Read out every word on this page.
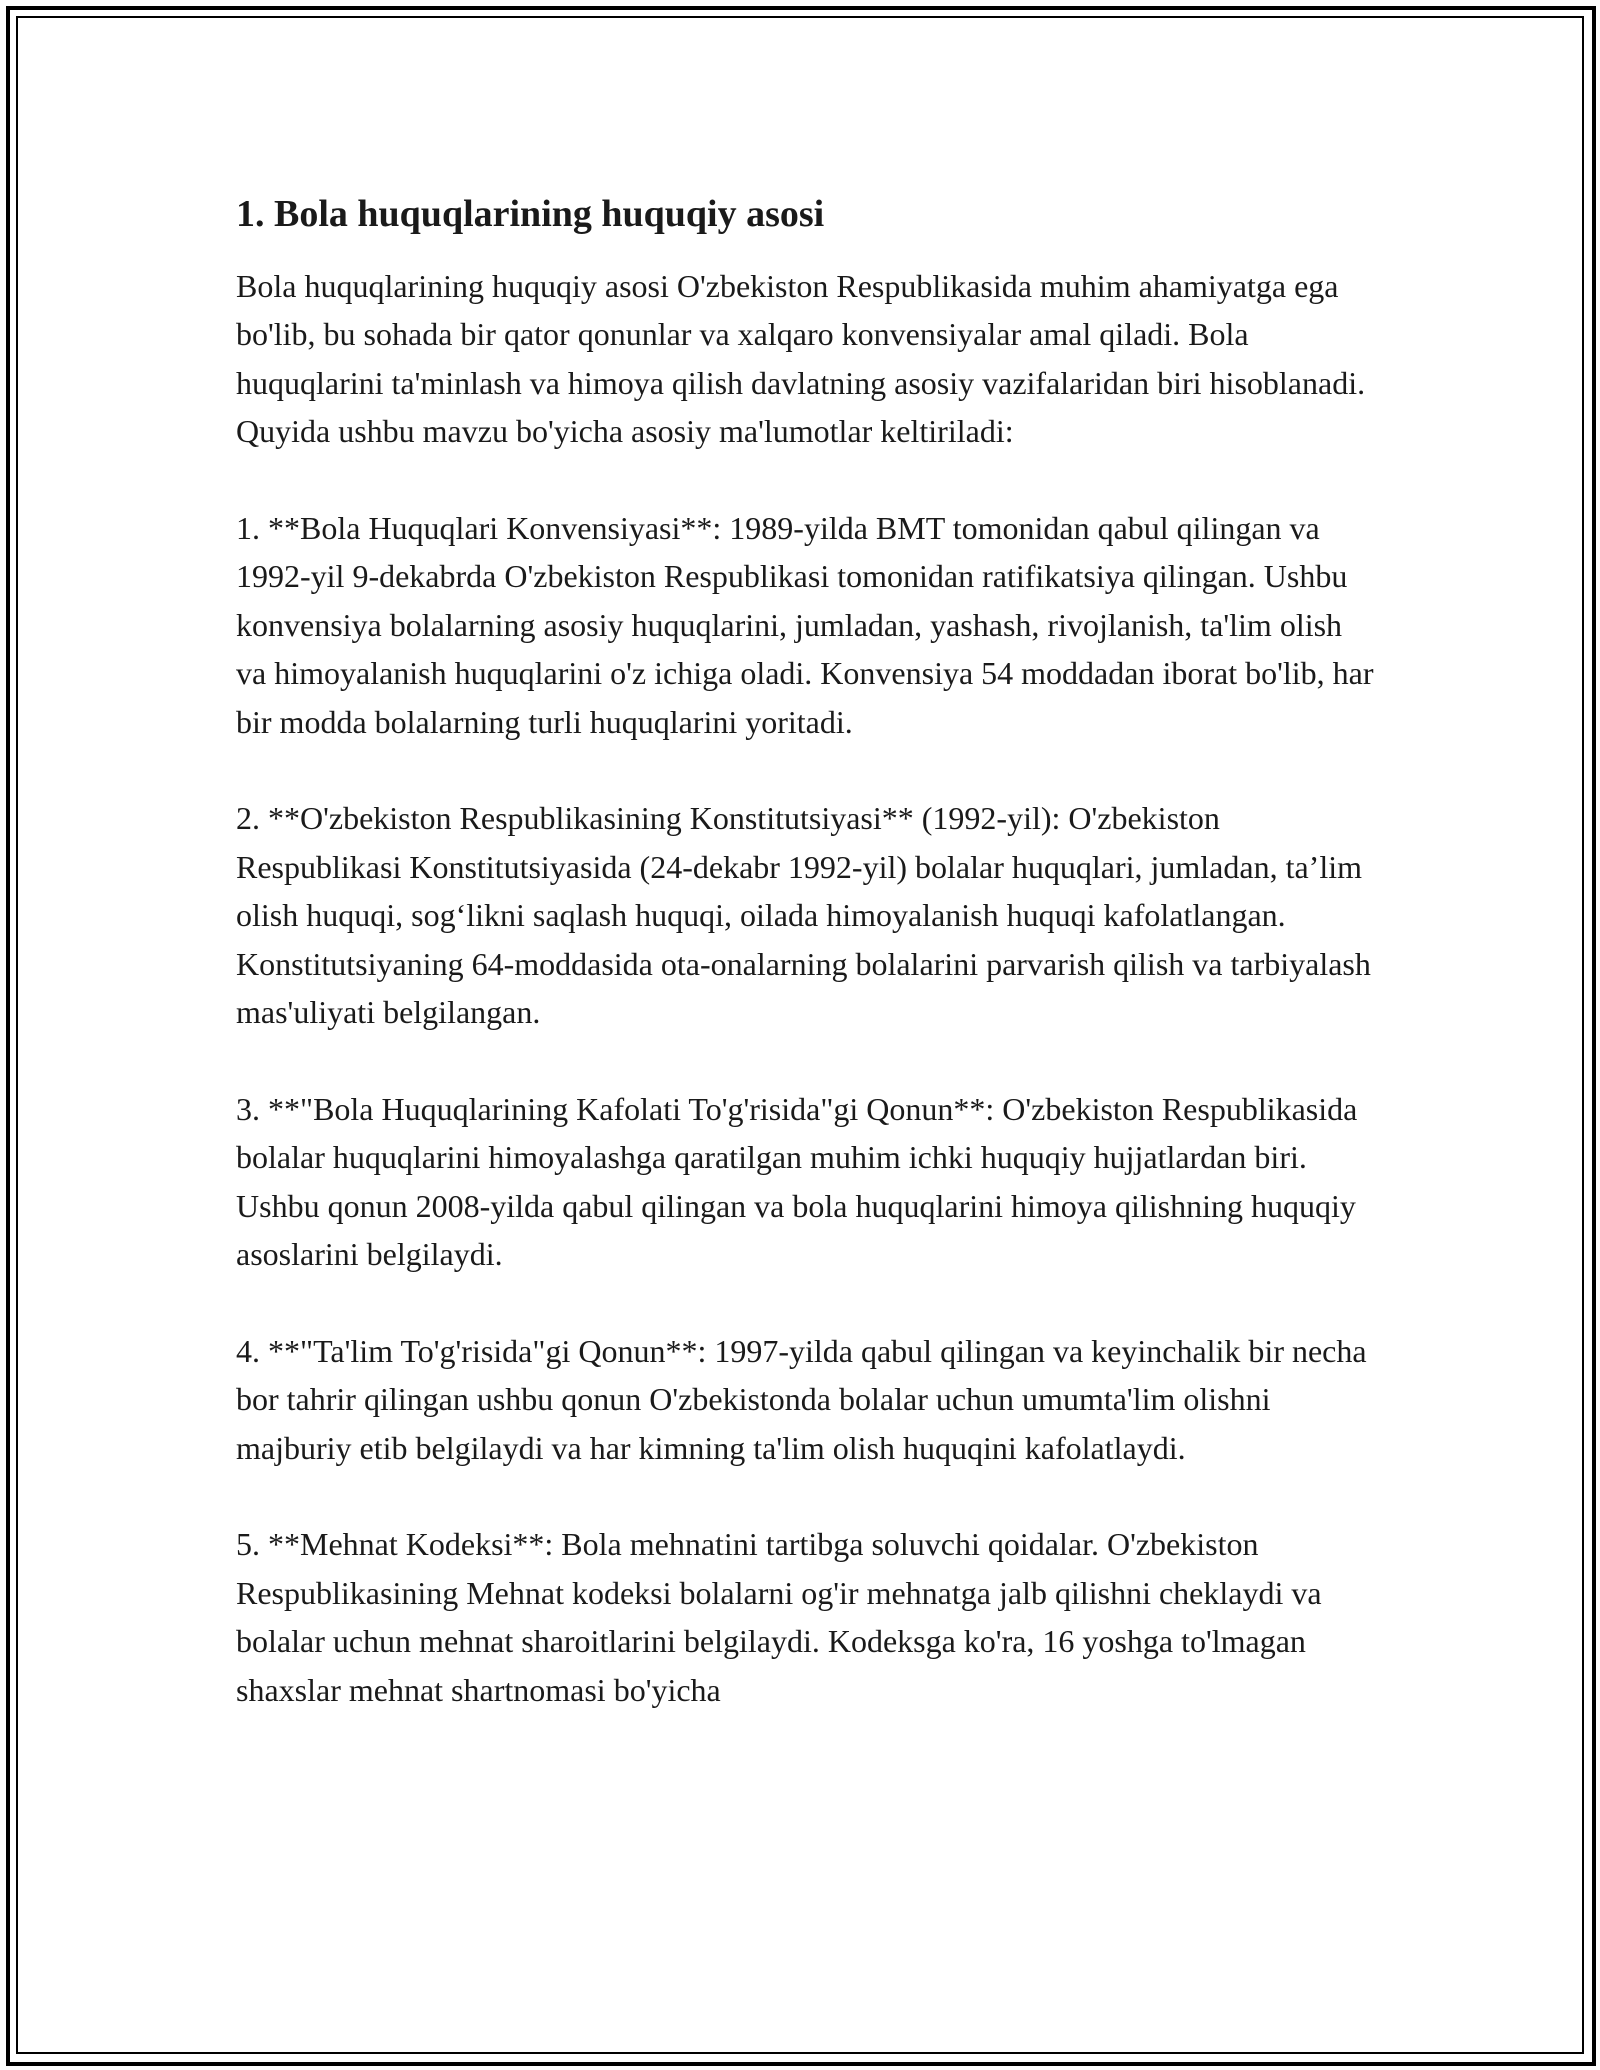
1. Bola huquqlarining huquqiy asosi

Bola huquqlarining huquqiy asosi O'zbekiston Respublikasida muhim ahamiyatga ega bo'lib, bu sohada bir qator qonunlar va xalqaro konvensiyalar amal qiladi. Bola huquqlarini ta'minlash va himoya qilish davlatning asosiy vazifalaridan biri hisoblanadi. Quyida ushbu mavzu bo'yicha asosiy ma'lumotlar keltiriladi:

1. **Bola Huquqlari Konvensiyasi**: 1989-yilda BMT tomonidan qabul qilingan va 1992-yil 9-dekabrda O'zbekiston Respublikasi tomonidan ratifikatsiya qilingan. Ushbu konvensiya bolalarning asosiy huquqlarini, jumladan, yashash, rivojlanish, ta'lim olish va himoyalanish huquqlarini o'z ichiga oladi. Konvensiya 54 moddadan iborat bo'lib, har bir modda bolalarning turli huquqlarini yoritadi.

2. **O'zbekiston Respublikasining Konstitutsiyasi** (1992-yil): O'zbekiston Respublikasi Konstitutsiyasida (24-dekabr 1992-yil) bolalar huquqlari, jumladan, ta’lim olish huquqi, sog‘likni saqlash huquqi, oilada himoyalanish huquqi kafolatlangan. Konstitutsiyaning 64-moddasida ota-onalarning bolalarini parvarish qilish va tarbiyalash mas'uliyati belgilangan.

3. **"Bola Huquqlarining Kafolati To'g'risida"gi Qonun**: O'zbekiston Respublikasida bolalar huquqlarini himoyalashga qaratilgan muhim ichki huquqiy hujjatlardan biri. Ushbu qonun 2008-yilda qabul qilingan va bola huquqlarini himoya qilishning huquqiy asoslarini belgilaydi.

4. **"Ta'lim To'g'risida"gi Qonun**: 1997-yilda qabul qilingan va keyinchalik bir necha bor tahrir qilingan ushbu qonun O'zbekistonda bolalar uchun umumta'lim olishni majburiy etib belgilaydi va har kimning ta'lim olish huquqini kafolatlaydi.

5. **Mehnat Kodeksi**: Bola mehnatini tartibga soluvchi qoidalar. O'zbekiston Respublikasining Mehnat kodeksi bolalarni og'ir mehnatga jalb qilishni cheklaydi va bolalar uchun mehnat sharoitlarini belgilaydi. Kodeksga ko'ra, 16 yoshga to'lmagan shaxslar mehnat shartnomasi bo'yicha
